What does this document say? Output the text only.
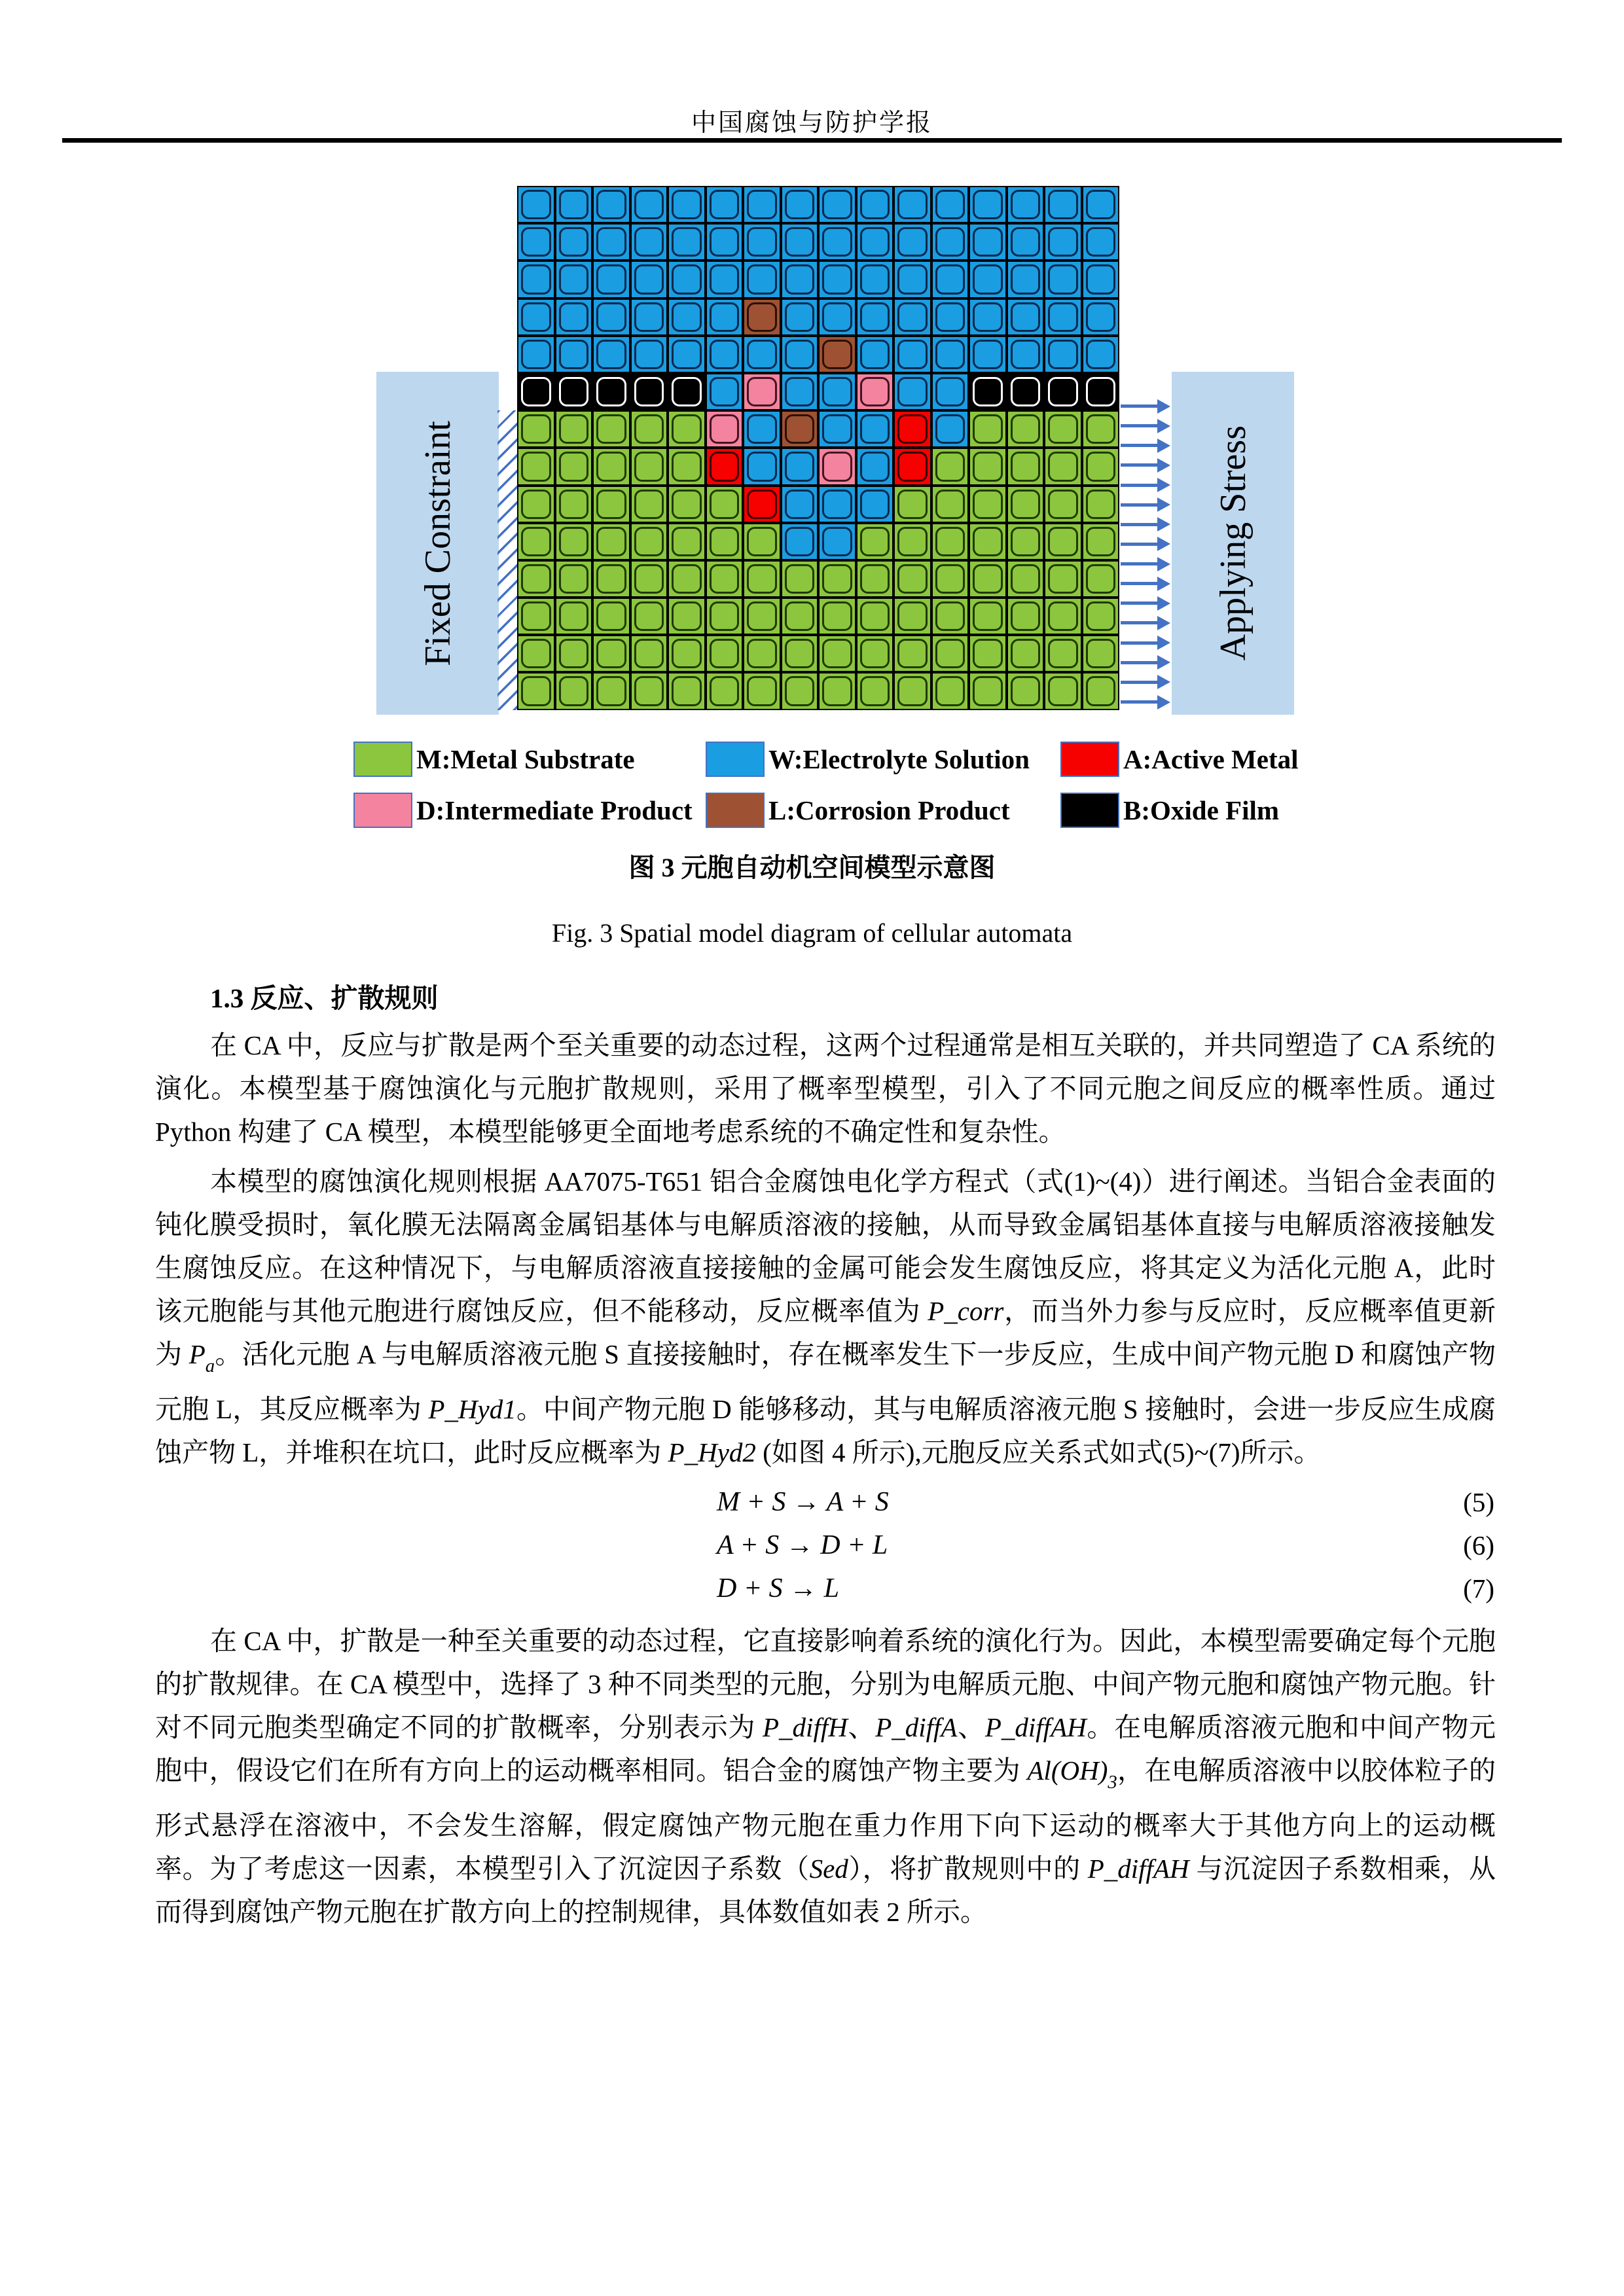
中国腐蚀与防护学报
Fixed Constraint	Applying Stress
M:Metal Substrate	W:Electrolyte Solution	A:Active Metal
D:Intermediate Product	L:Corrosion Product	B:Oxide Film
图 3 元胞自动机空间模型示意图
Fig. 3 Spatial model diagram of cellular automata

1.3 反应、扩散规则

在 CA 中，反应与扩散是两个至关重要的动态过程，这两个过程通常是相互关联的，并共同塑造了 CA 系统的演化。本模型基于腐蚀演化与元胞扩散规则，采用了概率型模型，引入了不同元胞之间反应的概率性质。通过 Python 构建了 CA 模型，本模型能够更全面地考虑系统的不确定性和复杂性。

本模型的腐蚀演化规则根据 AA7075-T651 铝合金腐蚀电化学方程式（式(1)~(4)）进行阐述。当铝合金表面的钝化膜受损时，氧化膜无法隔离金属铝基体与电解质溶液的接触，从而导致金属铝基体直接与电解质溶液接触发生腐蚀反应。在这种情况下，与电解质溶液直接接触的金属可能会发生腐蚀反应，将其定义为活化元胞 A，此时该元胞能与其他元胞进行腐蚀反应，但不能移动，反应概率值为 P_corr，而当外力参与反应时，反应概率值更新为 $P_a$。活化元胞 A 与电解质溶液元胞 S 直接接触时，存在概率发生下一步反应，生成中间产物元胞 D 和腐蚀产物元胞 L，其反应概率为 P_Hyd1。中间产物元胞 D 能够移动，其与电解质溶液元胞 S 接触时，会进一步反应生成腐蚀产物 L，并堆积在坑口，此时反应概率为 P_Hyd2 (如图 4 所示),元胞反应关系式如式(5)~(7)所示。

M + S → A + S	(5)
A + S → D + L	(6)
D + S → L	(7)

在 CA 中，扩散是一种至关重要的动态过程，它直接影响着系统的演化行为。因此，本模型需要确定每个元胞的扩散规律。在 CA 模型中，选择了 3 种不同类型的元胞，分别为电解质元胞、中间产物元胞和腐蚀产物元胞。针对不同元胞类型确定不同的扩散概率，分别表示为 P_diffH、P_diffA、P_diffAH。在电解质溶液元胞和中间产物元胞中，假设它们在所有方向上的运动概率相同。铝合金的腐蚀产物主要为 $Al(OH)_3$，在电解质溶液中以胶体粒子的形式悬浮在溶液中，不会发生溶解，假定腐蚀产物元胞在重力作用下向下运动的概率大于其他方向上的运动概率。为了考虑这一因素，本模型引入了沉淀因子系数（Sed），将扩散规则中的 P_diffAH 与沉淀因子系数相乘，从而得到腐蚀产物元胞在扩散方向上的控制规律，具体数值如表 2 所示。
